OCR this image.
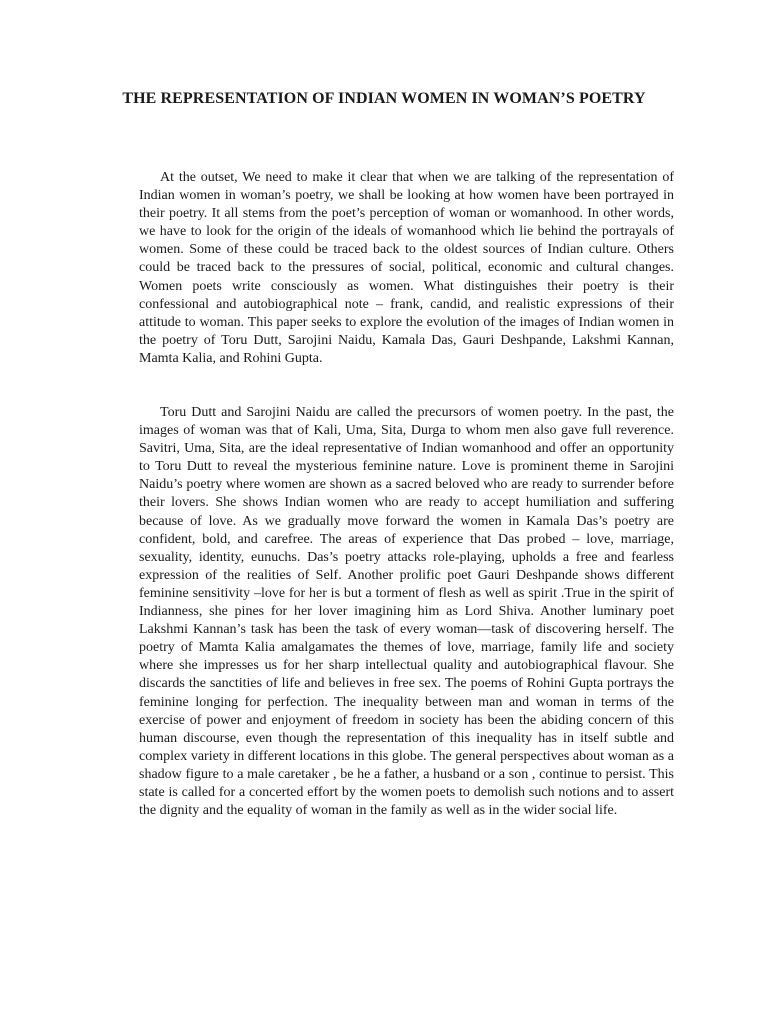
THE REPRESENTATION OF INDIAN WOMEN IN WOMAN’S POETRY

At the outset, We need to make it clear that when we are talking of the representation of Indian women in woman’s poetry, we shall be looking at how women have been portrayed in their poetry. It all stems from the poet’s perception of woman or womanhood. In other words, we have to look for the origin of the ideals of womanhood which lie behind the portrayals of women. Some of these could be traced back to the oldest sources of Indian culture. Others could be traced back to the pressures of social, political, economic and cultural changes. Women poets write consciously as women. What distinguishes their poetry is their confessional and autobiographical note – frank, candid, and realistic expressions of their attitude to woman. This paper seeks to explore the evolution of the images of Indian women in the poetry of Toru Dutt, Sarojini Naidu, Kamala Das, Gauri Deshpande, Lakshmi Kannan, Mamta Kalia, and Rohini Gupta.

Toru Dutt and Sarojini Naidu are called the precursors of women poetry. In the past, the images of woman was that of Kali, Uma, Sita, Durga to whom men also gave full reverence. Savitri, Uma, Sita, are the ideal representative of Indian womanhood and offer an opportunity to Toru Dutt to reveal the mysterious feminine nature. Love is prominent theme in Sarojini Naidu’s poetry where women are shown as a sacred beloved who are ready to surrender before their lovers. She shows Indian women who are ready to accept humiliation and suffering because of love. As we gradually move forward the women in Kamala Das’s poetry are confident, bold, and carefree. The areas of experience that Das probed – love, marriage, sexuality, identity, eunuchs. Das’s poetry attacks role-playing, upholds a free and fearless expression of the realities of Self. Another prolific poet Gauri Deshpande shows different feminine sensitivity –love for her is but a torment of flesh as well as spirit .True in the spirit of Indianness, she pines for her lover imagining him as Lord Shiva. Another luminary poet Lakshmi Kannan’s task has been the task of every woman—task of discovering herself. The poetry of Mamta Kalia amalgamates the themes of love, marriage, family life and society where she impresses us for her sharp intellectual quality and autobiographical flavour. She discards the sanctities of life and believes in free sex. The poems of Rohini Gupta portrays the feminine longing for perfection. The inequality between man and woman in terms of the exercise of power and enjoyment of freedom in society has been the abiding concern of this human discourse, even though the representation of this inequality has in itself subtle and complex variety in different locations in this globe. The general perspectives about woman as a shadow figure to a male caretaker , be he a father, a husband or a son , continue to persist. This state is called for a concerted effort by the women poets to demolish such notions and to assert the dignity and the equality of woman in the family as well as in the wider social life.
